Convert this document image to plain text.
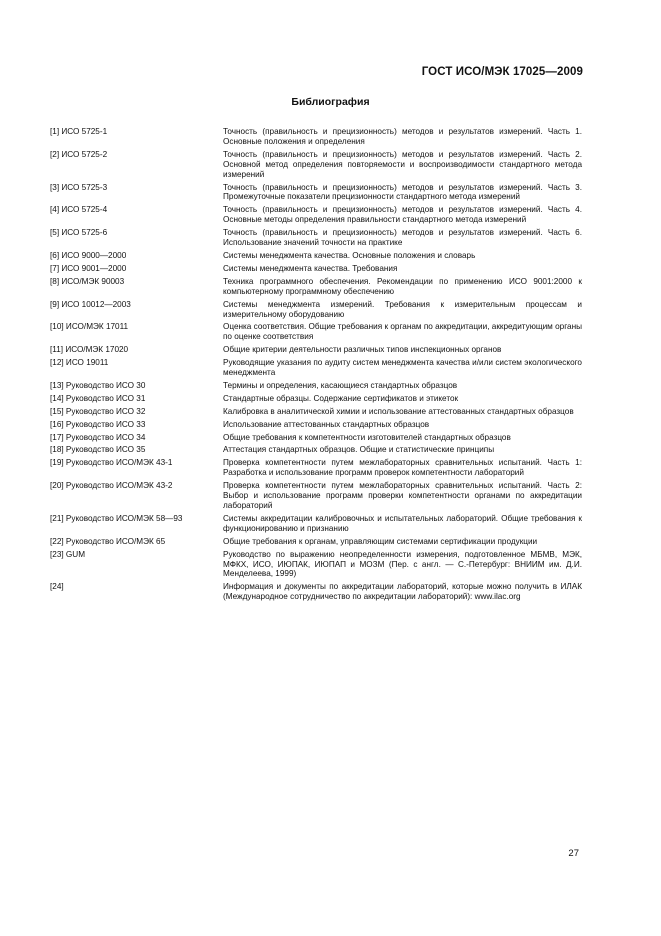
ГОСТ ИСО/МЭК 17025—2009
Библиография
[1] ИСО 5725-1	Точность (правильность и прецизионность) методов и результатов измерений. Часть 1. Основные положения и определения
[2] ИСО 5725-2	Точность (правильность и прецизионность) методов и результатов измерений. Часть 2. Основной метод определения повторяемости и воспроизводимости стандартного метода измерений
[3] ИСО 5725-3	Точность (правильность и прецизионность) методов и результатов измерений. Часть 3. Промежуточные показатели прецизионности стандартного метода измерений
[4] ИСО 5725-4	Точность (правильность и прецизионность) методов и результатов измерений. Часть 4. Основные методы определения правильности стандартного метода измерений
[5] ИСО 5725-6	Точность (правильность и прецизионность) методов и результатов измерений. Часть 6. Использование значений точности на практике
[6] ИСО 9000—2000	Системы менеджмента качества. Основные положения и словарь
[7] ИСО 9001—2000	Системы менеджмента качества. Требования
[8] ИСО/МЭК 90003	Техника программного обеспечения. Рекомендации по применению ИСО 9001:2000 к компьютерному программному обеспечению
[9] ИСО 10012—2003	Системы менеджмента измерений. Требования к измерительным процессам и измерительному оборудованию
[10] ИСО/МЭК 17011	Оценка соответствия. Общие требования к органам по аккредитации, аккредитующим органы по оценке соответствия
[11] ИСО/МЭК 17020	Общие критерии деятельности различных типов инспекционных органов
[12] ИСО 19011	Руководящие указания по аудиту систем менеджмента качества и/или систем экологического менеджмента
[13] Руководство ИСО 30	Термины и определения, касающиеся стандартных образцов
[14] Руководство ИСО 31	Стандартные образцы. Содержание сертификатов и этикеток
[15] Руководство ИСО 32	Калибровка в аналитической химии и использование аттестованных стандартных образцов
[16] Руководство ИСО 33	Использование аттестованных стандартных образцов
[17] Руководство ИСО 34	Общие требования к компетентности изготовителей стандартных образцов
[18] Руководство ИСО 35	Аттестация стандартных образцов. Общие и статистические принципы
[19] Руководство ИСО/МЭК 43-1	Проверка компетентности путем межлабораторных сравнительных испытаний. Часть 1: Разработка и использование программ проверок компетентности лабораторий
[20] Руководство ИСО/МЭК 43-2	Проверка компетентности путем межлабораторных сравнительных испытаний. Часть 2: Выбор и использование программ проверки компетентности органами по аккредитации лабораторий
[21] Руководство ИСО/МЭК 58—93	Системы аккредитации калибровочных и испытательных лабораторий. Общие требования к функционированию и признанию
[22] Руководство ИСО/МЭК 65	Общие требования к органам, управляющим системами сертификации продукции
[23] GUM	Руководство по выражению неопределенности измерения, подготовленное МБМВ, МЭК, МФКХ, ИСО, ИЮПАК, ИЮПАП и МОЗМ (Пер. с англ. — С.-Петербург: ВНИИМ им. Д.И. Менделеева, 1999)
[24]	Информация и документы по аккредитации лабораторий, которые можно получить в ИЛАК (Международное сотрудничество по аккредитации лабораторий): www.ilac.org
27
